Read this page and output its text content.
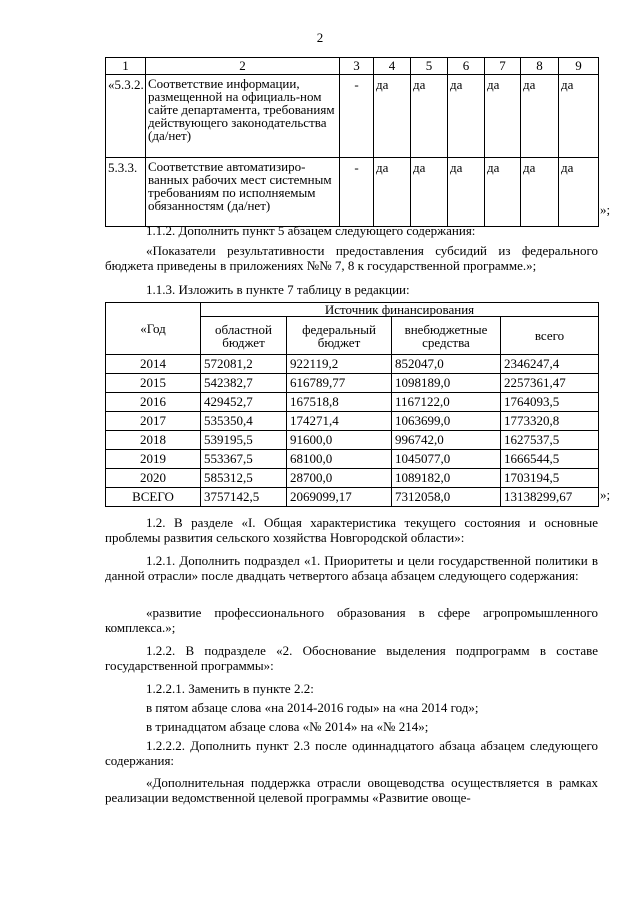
2
1	2	3	4	5	6	7	8	9
«5.3.2.	Соответствие информации, размещенной на официаль-ном сайте департамента, требованиям действующего законодательства (да/нет)	-	да	да	да	да	да	да
5.3.3.	Соответствие автоматизиро-ванных рабочих мест системным требованиям по исполняемым обязанностям (да/нет)	-	да	да	да	да	да	да
»;
1.1.2. Дополнить пункт 5 абзацем следующего содержания:
«Показатели результативности предоставления субсидий из федерального бюджета приведены в приложениях №№ 7, 8 к государственной программе.»;
1.1.3. Изложить в пункте 7 таблицу в редакции:
«Год	Источник финансирования			
	областной бюджет	федеральный бюджет	внебюджетные средства	всего
2014	572081,2	922119,2	852047,0	2346247,4
2015	542382,7	616789,77	1098189,0	2257361,47
2016	429452,7	167518,8	1167122,0	1764093,5
2017	535350,4	174271,4	1063699,0	1773320,8
2018	539195,5	91600,0	996742,0	1627537,5
2019	553367,5	68100,0	1045077,0	1666544,5
2020	585312,5	28700,0	1089182,0	1703194,5
ВСЕГО	3757142,5	2069099,17	7312058,0	13138299,67 »;
1.2. В разделе «I. Общая характеристика текущего состояния и основные проблемы развития сельского хозяйства Новгородской области»:
1.2.1. Дополнить подраздел «1. Приоритеты и цели государственной политики в данной отрасли» после двадцать четвертого абзаца абзацем следующего содержания:
«развитие профессионального образования в сфере агропромышленного комплекса.»;
1.2.2. В подразделе «2. Обоснование выделения подпрограмм в составе государственной программы»:
1.2.2.1. Заменить в пункте 2.2:
в пятом абзаце слова «на 2014-2016 годы» на «на 2014 год»;
в тринадцатом абзаце слова «№ 2014» на «№ 214»;
1.2.2.2. Дополнить пункт 2.3 после одиннадцатого абзаца абзацем следующего содержания:
«Дополнительная поддержка отрасли овощеводства осуществляется в рамках реализации ведомственной целевой программы «Развитие овоще-
